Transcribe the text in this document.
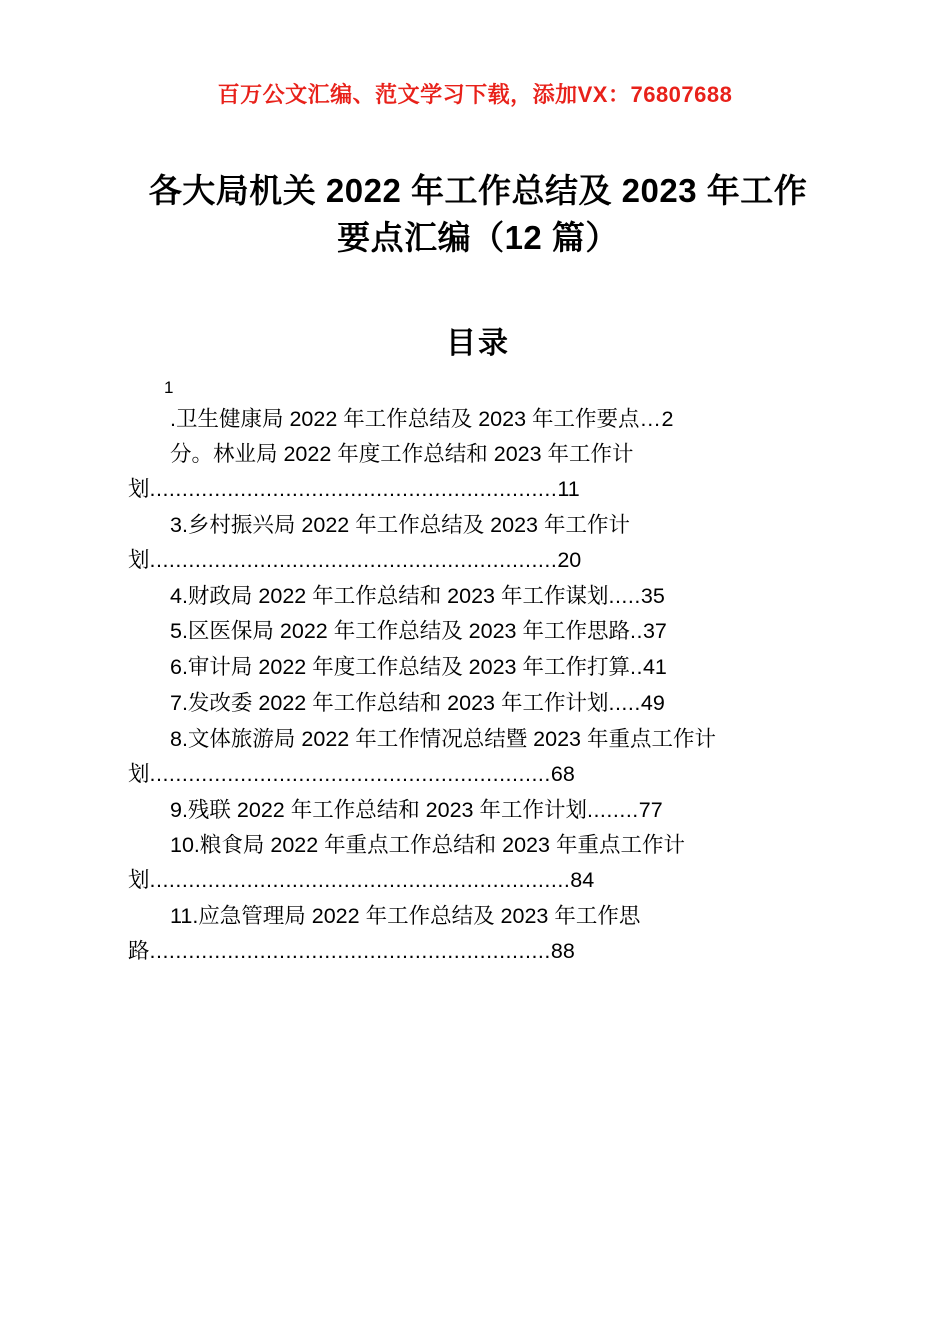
百万公文汇编、范文学习下载，添加VX：76807688
各大局机关 2022 年工作总结及 2023 年工作
要点汇编（12 篇）
目录
1
.卫生健康局 2022 年工作总结及 2023 年工作要点…2
分。林业局 2022 年度工作总结和 2023 年工作计划...............................................................11
3.乡村振兴局 2022 年工作总结及 2023 年工作计划...............................................................20
4.财政局 2022 年工作总结和 2023 年工作谋划.....35
5.区医保局 2022 年工作总结及 2023 年工作思路..37
6.审计局 2022 年度工作总结及 2023 年工作打算..41
7.发改委 2022 年工作总结和 2023 年工作计划.....49
8.文体旅游局 2022 年工作情况总结暨 2023 年重点工作计划..............................................................68
9.残联 2022 年工作总结和 2023 年工作计划........77
10.粮食局 2022 年重点工作总结和 2023 年重点工作计划.................................................................84
11.应急管理局 2022 年工作总结及 2023 年工作思路..............................................................88
